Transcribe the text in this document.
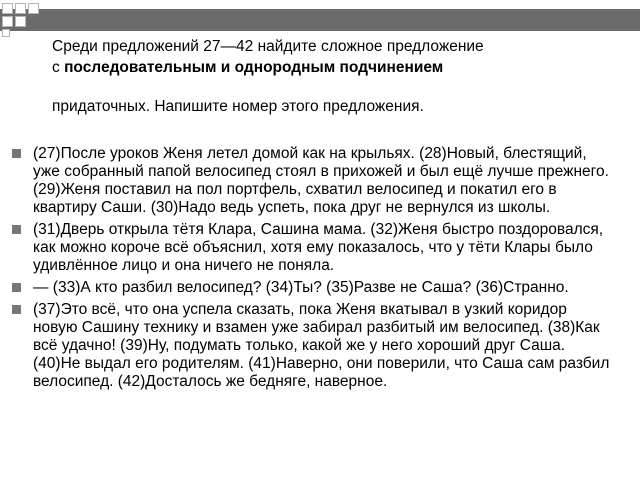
Среди предложений 27—42 найдите сложное предложение

с последовательным и однородным подчинением

придаточных. Напишите номер этого предложения.

(27)После уроков Женя летел домой как на крыльях. (28)Новый, блестящий, уже собранный папой велосипед стоял в прихожей и был ещё лучше прежнего. (29)Женя поставил на пол портфель, схватил велосипед и покатил его в квартиру Саши. (30)Надо ведь успеть, пока друг не вернулся из школы.
(31)Дверь открыла тётя Клара, Сашина мама. (32)Женя быстро поздоровался, как можно короче всё объяснил, хотя ему показалось, что у тёти Клары было удивлённое лицо и она ничего не поняла.
— (33)А кто разбил велосипед? (34)Ты? (35)Разве не Саша? (36)Странно.
(37)Это всё, что она успела сказать, пока Женя вкатывал в узкий коридор новую Сашину технику и взамен уже забирал разбитый им велосипед. (38)Как всё удачно! (39)Ну, подумать только, какой же у него хороший друг Саша. (40)Не выдал его родителям. (41)Наверно, они поверили, что Саша сам разбил велосипед. (42)Досталось же бедняге, наверное.
